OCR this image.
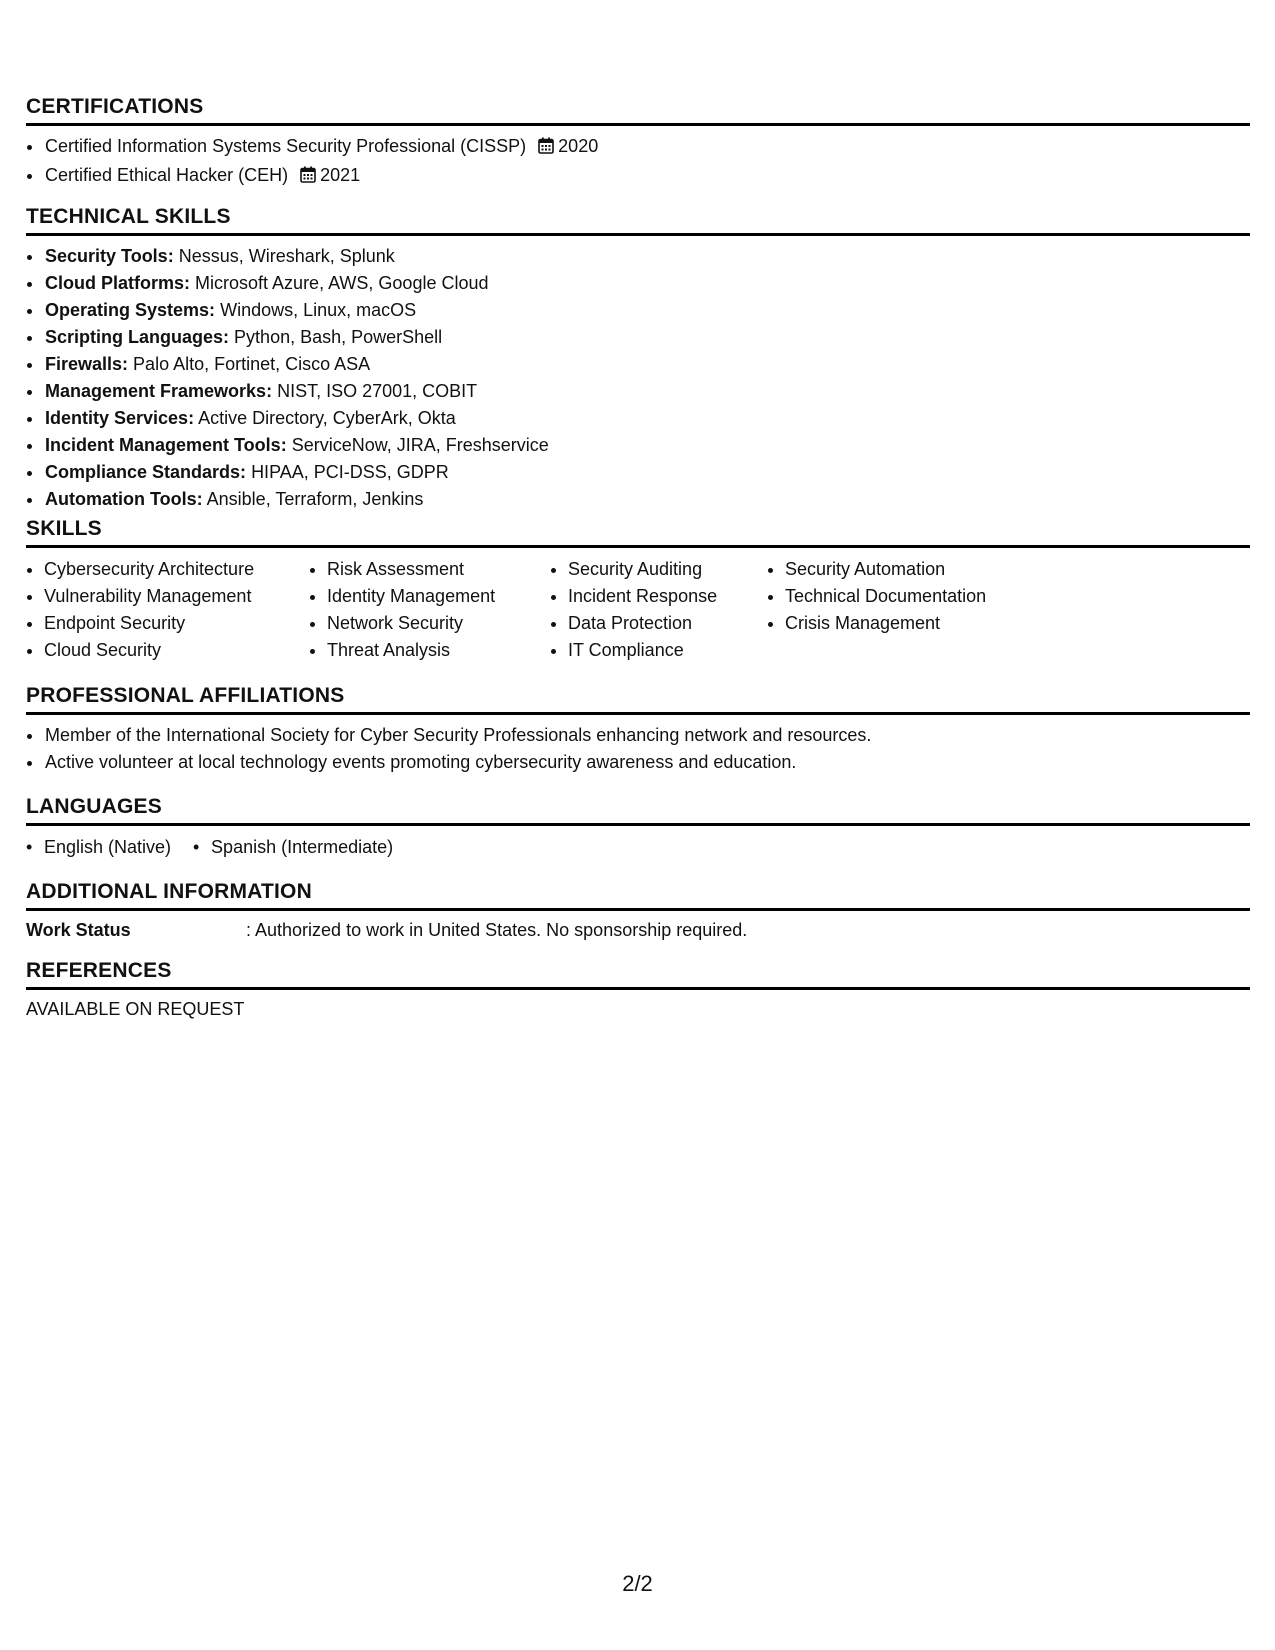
CERTIFICATIONS
• Certified Information Systems Security Professional (CISSP) 2020
• Certified Ethical Hacker (CEH) 2021
TECHNICAL SKILLS
• Security Tools: Nessus, Wireshark, Splunk
• Cloud Platforms: Microsoft Azure, AWS, Google Cloud
• Operating Systems: Windows, Linux, macOS
• Scripting Languages: Python, Bash, PowerShell
• Firewalls: Palo Alto, Fortinet, Cisco ASA
• Management Frameworks: NIST, ISO 27001, COBIT
• Identity Services: Active Directory, CyberArk, Okta
• Incident Management Tools: ServiceNow, JIRA, Freshservice
• Compliance Standards: HIPAA, PCI-DSS, GDPR
• Automation Tools: Ansible, Terraform, Jenkins
SKILLS
• Cybersecurity Architecture
• Vulnerability Management
• Endpoint Security
• Cloud Security
• Risk Assessment
• Identity Management
• Network Security
• Threat Analysis
• Security Auditing
• Incident Response
• Data Protection
• IT Compliance
• Security Automation
• Technical Documentation
• Crisis Management
PROFESSIONAL AFFILIATIONS
• Member of the International Society for Cyber Security Professionals enhancing network and resources.
• Active volunteer at local technology events promoting cybersecurity awareness and education.
LANGUAGES
• English (Native)
•	Spanish (Intermediate)
ADDITIONAL INFORMATION
Work Status	: Authorized to work in United States. No sponsorship required.
REFERENCES
AVAILABLE ON REQUEST
2/2
